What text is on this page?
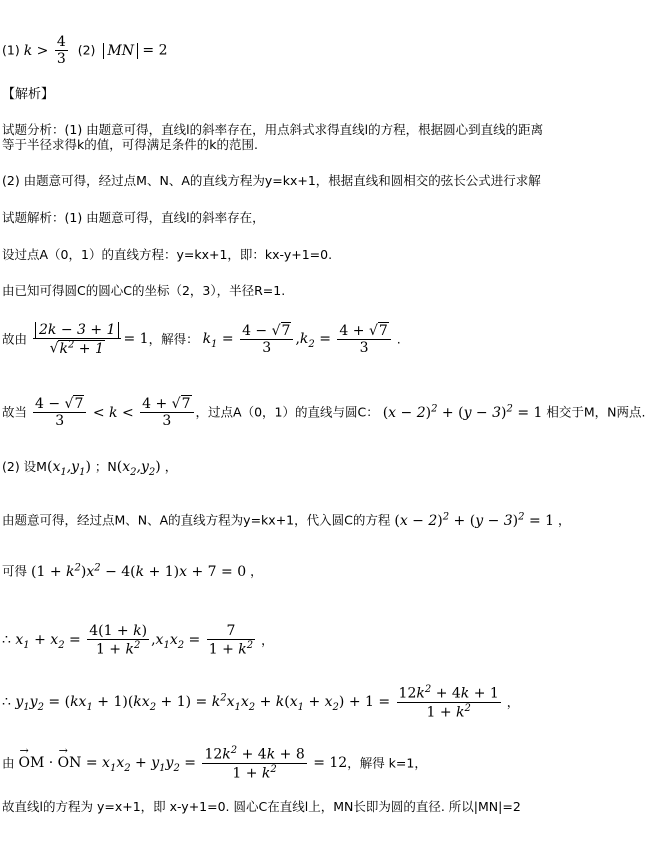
(1) $k > \frac{4}{3} (2)$ MN = 2
【解析】
试题分析：(1) 由题意可得，直线l的斜率存在，用点斜式求得直线l的方程，根据圆心到直线的距离
等于半径求得k的值，可得满足条件的k的范围.
(2) 由题意可得，经过点M、N、A的直线方程为y=kx+1，根据直线和圆相交的弦长公式进行求解
试题解析：(1) 由题意可得，直线l的斜率存在，
设过点A（0，1）的直线方程：y=kx+1，即：kx-y+1=0.
由已知可得圆C的圆心C的坐标（2，3），半径R=1.
故由 $\frac{2k - 3 + 1}{√k^2 + 1} = 1$，解得： $k_1 = \frac{4 - √7}{3} ,k_2 = \frac{4 + √7}{3}$ .
故当 $\frac{4 - √7}{3} < k < \frac{4 + √7}{3}$ ，过点A（0，1）的直线与圆C： $(x - 2)^2 + (y - 3)^2 = 1$ 相交于M，N两点.
(2) 设$M(x_1,y_1)$ ；$N(x_2,y_2)$ ，
由题意可得，经过点M、N、A的直线方程为y=kx+1，代入圆C的方程 $(x - 2)^2 + (y - 3)^2 = 1$ ，
可得 $(1 + k^2)x^2 - 4(k + 1)x + 7 = 0$ ，
∴ $x_1 + x_2 = \frac{4(1 + k)}{1 + k^2} ,x_1x_2 = \frac{7}{1 + k^2}$ ，
∴ $y_1y_2 = (kx_1 + 1)(kx_2 + 1) = k^2x_1x_2 + k(x_1 + x_2) + 1 = \frac{12k^2 + 4k + 1}{1 + k^2}$ ，
由 → OM · → ON = $x_1x_2 + y_1y_2 = \frac{12k^2 + 4k + 8}{1 + k^2} = 12$，解得 k=1，
故直线l的方程为 y=x+1，即 x-y+1=0. 圆心C在直线l上，MN长即为圆的直径. 所以|MN|=2
